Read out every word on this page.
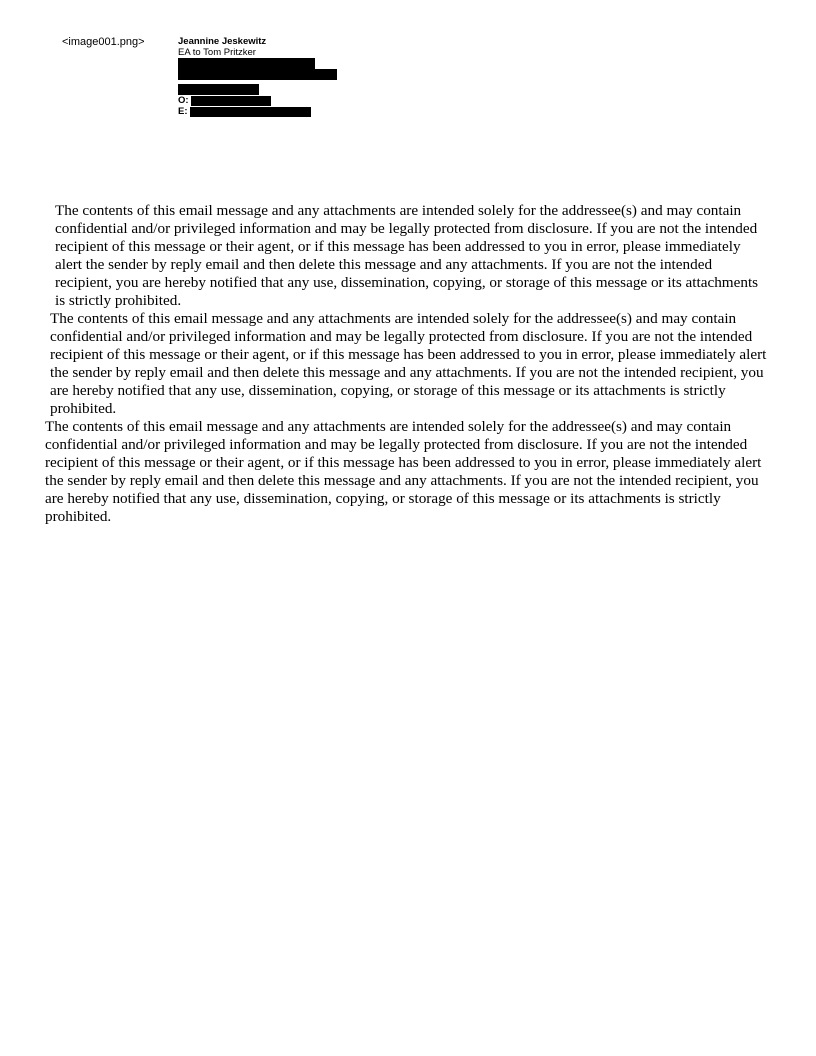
<image001.png>	Jeannine Jeskewitz
EA to Tom Pritzker
O:
E:

The contents of this email message and any attachments are intended solely for the addressee(s) and may contain confidential and/or privileged information and may be legally protected from disclosure. If you are not the intended recipient of this message or their agent, or if this message has been addressed to you in error, please immediately alert the sender by reply email and then delete this message and any attachments. If you are not the intended recipient, you are hereby notified that any use, dissemination, copying, or storage of this message or its attachments is strictly prohibited.

The contents of this email message and any attachments are intended solely for the addressee(s) and may contain confidential and/or privileged information and may be legally protected from disclosure. If you are not the intended recipient of this message or their agent, or if this message has been addressed to you in error, please immediately alert the sender by reply email and then delete this message and any attachments. If you are not the intended recipient, you are hereby notified that any use, dissemination, copying, or storage of this message or its attachments is strictly prohibited.

The contents of this email message and any attachments are intended solely for the addressee(s) and may contain confidential and/or privileged information and may be legally protected from disclosure. If you are not the intended recipient of this message or their agent, or if this message has been addressed to you in error, please immediately alert the sender by reply email and then delete this message and any attachments. If you are not the intended recipient, you are hereby notified that any use, dissemination, copying, or storage of this message or its attachments is strictly prohibited.
